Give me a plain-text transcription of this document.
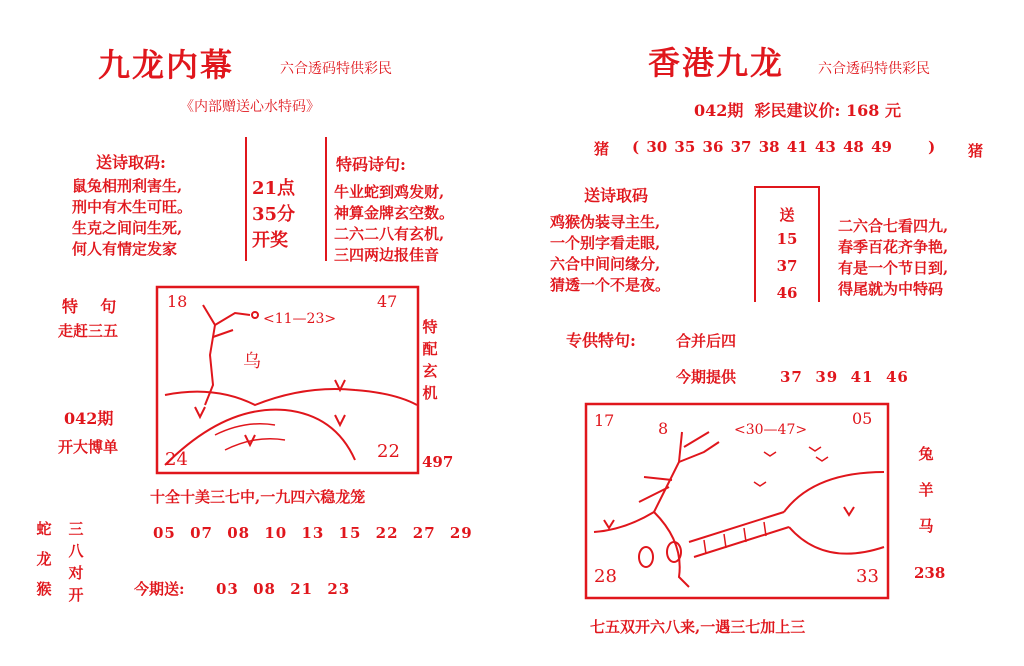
九龙内幕	六合透码特供彩民
《内部赠送心水特码》
送诗取码:
鼠兔相刑利害生,
刑中有木生可旺。
生克之间问生死,
何人有情定发家
21点
35分
开奖
特码诗句:
牛业蛇到鸡发财,
神算金牌玄空数。
二六二八有玄机,
三四两边报佳音
特    句
走赶三五
042期
开大博单
18	47
24	22
<11—23>
乌
特
配
玄
机
497
十全十美三七中,一九四六稳龙笼
蛇
龙
猴
三
八
对
开
05 07 08 10 13 15 22 27 29
今期送: 03 08 21 23
香港九龙 六合透码特供彩民
042期  彩民建议价: 168 元
猪 ( 30 35 36 37 38 41 43 48 49     ) 猪
送诗取码
鸡猴伪装寻主生,
一个别字看走眼,
六合中间问缘分,
猜透一个不是夜。
送
15
37
46
二六合七看四九,
春季百花齐争艳,
有是一个节日到,
得尾就为中特码
专供特句:	合并后四
今期提供	37  39  41  46
17	8
05
28	33
<30—47>
兔
羊
马
238
七五双开六八来,一遇三七加上三
